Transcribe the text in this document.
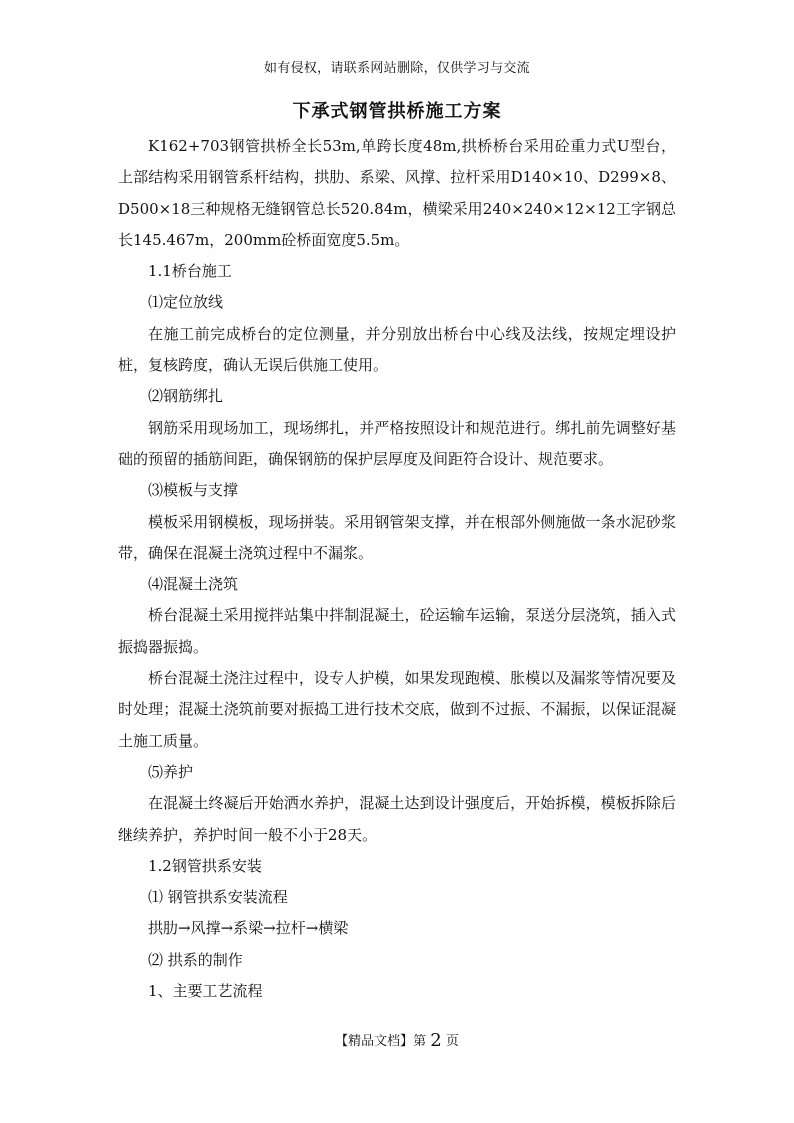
如有侵权，请联系网站删除，仅供学习与交流
下承式钢管拱桥施工方案

K162+703钢管拱桥全长53m,单跨长度48m,拱桥桥台采用砼重力式U型台，上部结构采用钢管系杆结构，拱肋、系梁、风撑、拉杆采用D140×10、D299×8、D500×18三种规格无缝钢管总长520.84m，横梁采用240×240×12×12工字钢总长145.467m，200mm砼桥面宽度5.5m。

1.1桥台施工

⑴定位放线

在施工前完成桥台的定位测量，并分别放出桥台中心线及法线，按规定埋设护桩，复核跨度，确认无误后供施工使用。

⑵钢筋绑扎

钢筋采用现场加工，现场绑扎，并严格按照设计和规范进行。绑扎前先调整好基础的预留的插筋间距，确保钢筋的保护层厚度及间距符合设计、规范要求。

⑶模板与支撑

模板采用钢模板，现场拼装。采用钢管架支撑，并在根部外侧施做一条水泥砂浆带，确保在混凝土浇筑过程中不漏浆。

⑷混凝土浇筑

桥台混凝土采用搅拌站集中拌制混凝土，砼运输车运输，泵送分层浇筑，插入式振捣器振捣。

桥台混凝土浇注过程中，设专人护模，如果发现跑模、胀模以及漏浆等情况要及时处理；混凝土浇筑前要对振捣工进行技术交底，做到不过振、不漏振，以保证混凝土施工质量。

⑸养护

在混凝土终凝后开始洒水养护，混凝土达到设计强度后，开始拆模，模板拆除后继续养护，养护时间一般不小于28天。

1.2钢管拱系安装

⑴ 钢管拱系安装流程

拱肋→风撑→系梁→拉杆→横梁

⑵ 拱系的制作

1、主要工艺流程

【精品文档】第 2 页
